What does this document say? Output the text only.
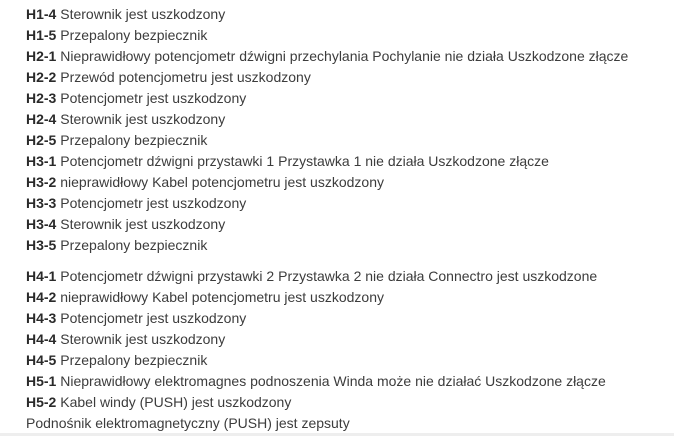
H1-4 Sterownik jest uszkodzony
H1-5 Przepalony bezpiecznik
H2-1 Nieprawidłowy potencjometr dźwigni przechylania Pochylanie nie działa Uszkodzone złącze
H2-2 Przewód potencjometru jest uszkodzony
H2-3 Potencjometr jest uszkodzony
H2-4 Sterownik jest uszkodzony
H2-5 Przepalony bezpiecznik
H3-1 Potencjometr dźwigni przystawki 1 Przystawka 1 nie działa Uszkodzone złącze
H3-2 nieprawidłowy Kabel potencjometru jest uszkodzony
H3-3 Potencjometr jest uszkodzony
H3-4 Sterownik jest uszkodzony
H3-5 Przepalony bezpiecznik
H4-1 Potencjometr dźwigni przystawki 2 Przystawka 2 nie działa Connectro jest uszkodzone
H4-2 nieprawidłowy Kabel potencjometru jest uszkodzony
H4-3 Potencjometr jest uszkodzony
H4-4 Sterownik jest uszkodzony
H4-5 Przepalony bezpiecznik
H5-1 Nieprawidłowy elektromagnes podnoszenia Winda może nie działać Uszkodzone złącze
H5-2 Kabel windy (PUSH) jest uszkodzony
Podnośnik elektromagnetyczny (PUSH) jest zepsuty
